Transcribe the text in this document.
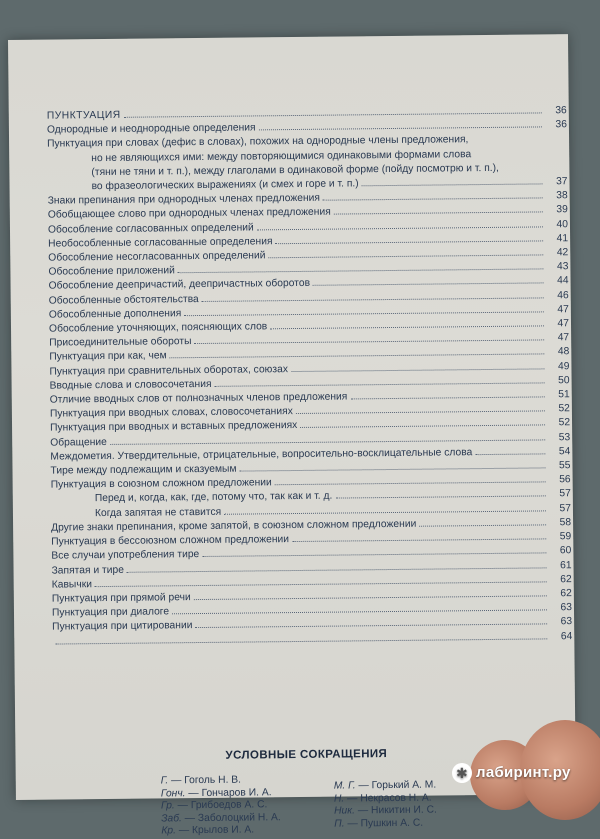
ПУНКТУАЦИЯ	36
Однородные и неоднородные определения	36
Пунктуация при словах (дефис в словах), похожих на однородные члены предложения,
но не являющихся ими: между повторяющимися одинаковыми формами слова
(тяни не тяни и т. п.), между глаголами в одинаковой форме (пойду посмотрю и т. п.),
во фразеологических выражениях (и смех и горе и т. п.)	37
Знаки препинания при однородных членах предложения	38
Обобщающее слово при однородных членах предложения	39
Обособление согласованных определений	40
Необособленные согласованные определения	41
Обособление несогласованных определений	42
Обособление приложений	43
Обособление деепричастий, деепричастных оборотов	44
Обособленные обстоятельства	46
Обособленные дополнения	47
Обособление уточняющих, поясняющих слов	47
Присоединительные обороты	47
Пунктуация при как, чем	48
Пунктуация при сравнительных оборотах, союзах	49
Вводные слова и словосочетания	50
Отличие вводных слов от полнозначных членов предложения	51
Пунктуация при вводных словах, словосочетаниях	52
Пунктуация при вводных и вставных предложениях	52
Обращение	53
Междометия. Утвердительные, отрицательные, вопросительно-восклицательные слова	54
Тире между подлежащим и сказуемым	55
Пунктуация в союзном сложном предложении	56
Перед и, когда, как, где, потому что, так как и т. д.	57
Когда запятая не ставится	57
Другие знаки препинания, кроме запятой, в союзном сложном предложении	58
Пунктуация в бессоюзном сложном предложении	59
Все случаи употребления тире	60
Запятая и тире	61
Кавычки	62
Пунктуация при прямой речи	62
Пунктуация при диалоге	63
Пунктуация при цитировании	63
64
УСЛОВНЫЕ СОКРАЩЕНИЯ
Г. — Гоголь Н. В.
Гонч. — Гончаров И. А.
Гр. — Грибоедов А. С.
Заб. — Заболоцкий Н. А.
Кр. — Крылов И. А.
М. Г. — Горький А. М.
Н. — Некрасов Н. А.
Ник. — Никитин И. С.
П. — Пушкин А. С.
✱ лабиринт.ру
